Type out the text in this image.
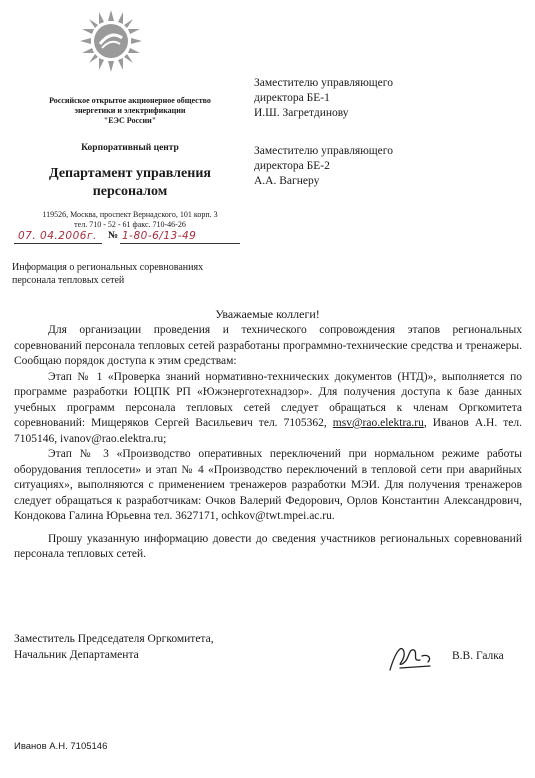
Российское открытое акционерное общество
энергетики и электрификации
"ЕЭС России"
Корпоративный центр
Департамент управления
персоналом
119526, Москва, проспект Вернадского, 101 корп. 3
тел. 710 - 52 - 61 факс. 710-46-26
07. 04.2006г. № 1-80-6/13-49
Заместителю управляющего
директора БЕ-1
И.Ш. Загретдинову
Заместителю управляющего
директора БЕ-2
А.А. Вагнеру
Информация о региональных соревнованиях
персонала тепловых сетей
Уважаемые коллеги!

Для организации проведения и технического сопровождения этапов региональных соревнований персонала тепловых сетей разработаны программно-технические средства и тренажеры. Сообщаю порядок доступа к этим средствам:

Этап № 1 «Проверка знаний нормативно-технических документов (НТД)», выполняется по программе разработки ЮЦПК РП «Южэнерготехнадзор». Для получения доступа к базе данных учебных программ персонала тепловых сетей следует обращаться к членам Оргкомитета соревнований: Мищеряков Сергей Васильевич тел. 7105362, msv@rao.elektra.ru, Иванов А.Н. тел. 7105146, ivanov@rao.elektra.ru;

Этап № 3 «Производство оперативных переключений при нормальном режиме работы оборудования теплосети» и этап № 4 «Производство переключений в тепловой сети при аварийных ситуациях», выполняются с применением тренажеров разработки МЭИ. Для получения тренажеров следует обращаться к разработчикам: Очков Валерий Федорович, Орлов Константин Александрович, Кондокова Галина Юрьевна тел. 3627171, ochkov@twt.mpei.ac.ru.

Прошу указанную информацию довести до сведения участников региональных соревнований персонала тепловых сетей.

Заместитель Председателя Оргкомитета,
Начальник Департамента	В.В. Галка
Иванов А.Н. 7105146
